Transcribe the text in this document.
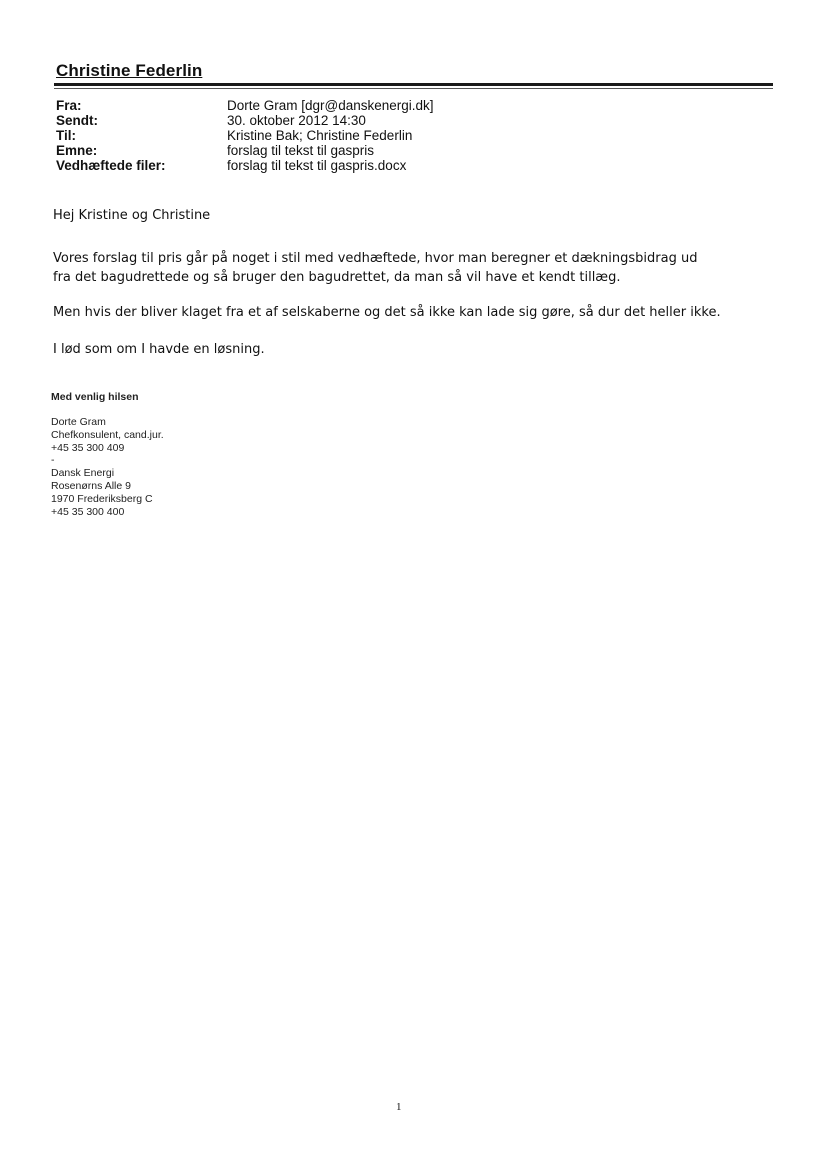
Christine Federlin
Fra:	Dorte Gram [dgr@danskenergi.dk]
Sendt:	30. oktober 2012 14:30
Til:	Kristine Bak; Christine Federlin
Emne:	forslag til tekst til gaspris
Vedhæftede filer:	forslag til tekst til gaspris.docx
Hej Kristine og Christine
Vores forslag til pris går på noget i stil med vedhæftede, hvor man beregner et dækningsbidrag ud fra det bagudrettede og så bruger den bagudrettet, da man så vil have et kendt tillæg.
Men hvis der bliver klaget fra et af selskaberne og det så ikke kan lade sig gøre, så dur det heller ikke.
I lød som om I havde en løsning.
Med venlig hilsen
Dorte Gram
Chefkonsulent, cand.jur.
+45 35 300 409
-
Dansk Energi
Rosenørns Alle 9
1970 Frederiksberg C
+45 35 300 400
1
